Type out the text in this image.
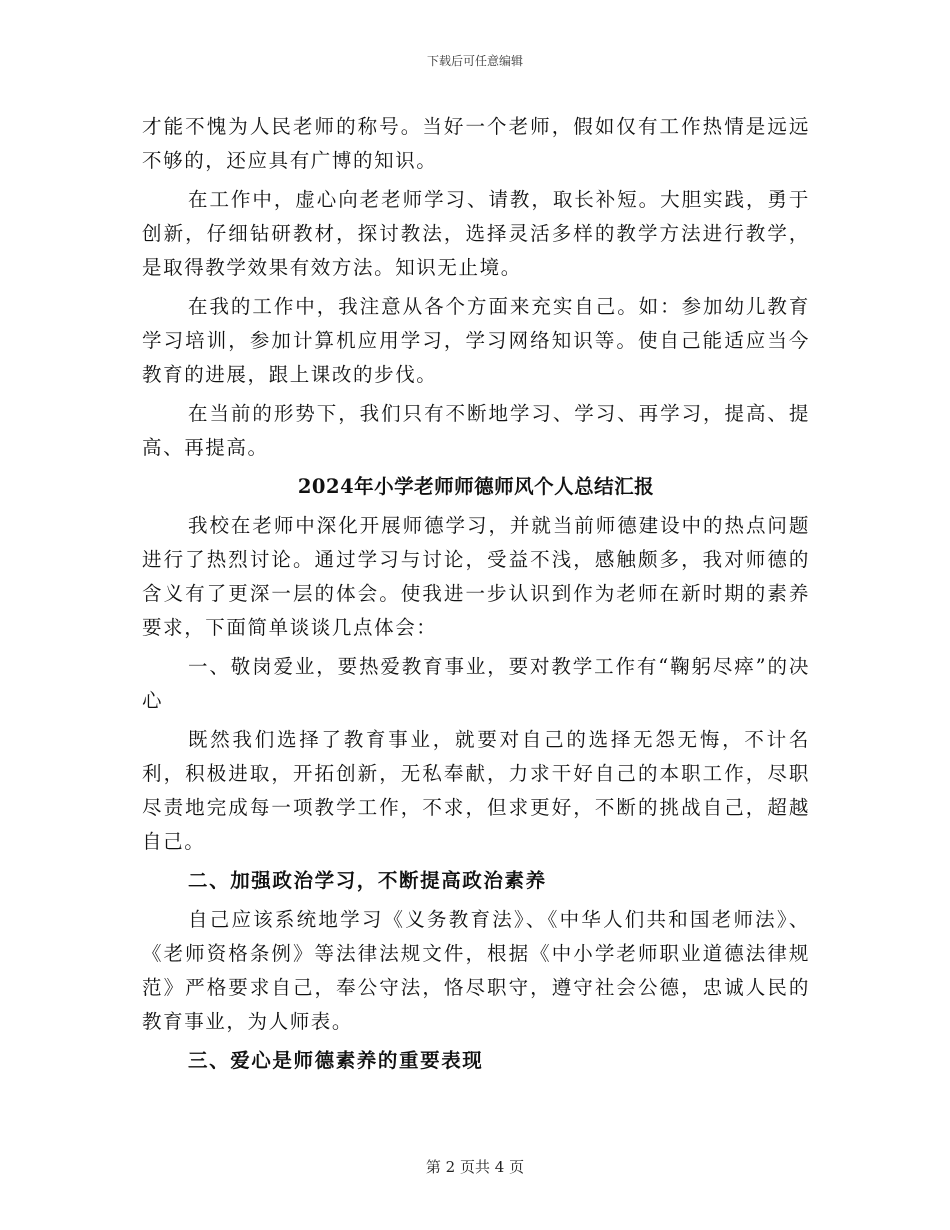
下载后可任意编辑

才能不愧为人民老师的称号。当好一个老师，假如仅有工作热情是远远不够的，还应具有广博的知识。

在工作中，虚心向老老师学习、请教，取长补短。大胆实践，勇于创新，仔细钻研教材，探讨教法，选择灵活多样的教学方法进行教学，是取得教学效果有效方法。知识无止境。

在我的工作中，我注意从各个方面来充实自己。如：参加幼儿教育学习培训，参加计算机应用学习，学习网络知识等。使自己能适应当今教育的进展，跟上课改的步伐。

在当前的形势下，我们只有不断地学习、学习、再学习，提高、提高、再提高。

2024年小学老师师德师风个人总结汇报

我校在老师中深化开展师德学习，并就当前师德建设中的热点问题进行了热烈讨论。通过学习与讨论，受益不浅，感触颇多，我对师德的含义有了更深一层的体会。使我进一步认识到作为老师在新时期的素养要求，下面简单谈谈几点体会：

一、敬岗爱业，要热爱教育事业，要对教学工作有“鞠躬尽瘁”的决心

既然我们选择了教育事业，就要对自己的选择无怨无悔，不计名利，积极进取，开拓创新，无私奉献，力求干好自己的本职工作，尽职尽责地完成每一项教学工作，不求，但求更好，不断的挑战自己，超越自己。

二、加强政治学习，不断提高政治素养

自己应该系统地学习《义务教育法》、《中华人们共和国老师法》、《老师资格条例》等法律法规文件，根据《中小学老师职业道德法律规范》严格要求自己，奉公守法，恪尽职守，遵守社会公德，忠诚人民的教育事业，为人师表。

三、爱心是师德素养的重要表现

第 2 页共 4 页
